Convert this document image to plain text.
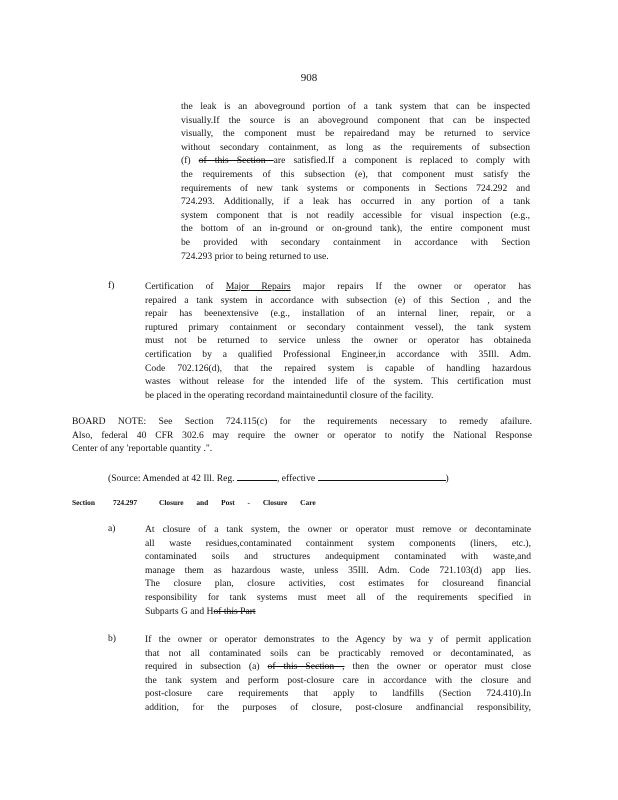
908
the leak is an aboveground portion of a tank system that can be inspected
visually.If the source is an aboveground component that can be inspected
visually, the component must be repairedand may be returned to service
without secondary containment, as long as the requirements of subsection
(f) of this Section are satisfied.If a component is replaced to comply with
the requirements of this subsection (e), that component must satisfy the
requirements of new tank systems or components in Sections 724.292 and
724.293. Additionally, if a leak has occurred in any portion of a tank
system component that is not readily accessible for visual inspection (e.g.,
the bottom of an in-ground or on-ground tank), the entire component must
be provided with secondary containment in accordance with Section
724.293 prior to being returned to use.
f)	Certification of Major Repairs major repairs If the owner or operator has
repaired a tank system in accordance with subsection (e) of this Section , and the
repair has beenextensive (e.g., installation of an internal liner, repair, or a
ruptured primary containment or secondary containment vessel), the tank system
must not be returned to service unless the owner or operator has obtaineda
certification by a qualified Professional Engineer,in accordance with 35Ill. Adm.
Code 702.126(d), that the repaired system is capable of handling hazardous
wastes without release for the intended life of the system. This certification must
be placed in the operating recordand maintaineduntil closure of the facility.
BOARD NOTE: See Section 724.115(c) for the requirements necessary to remedy afailure.
Also, federal 40 CFR 302.6 may require the owner or operator to notify the National Response
Center of any 'reportable quantity .".
(Source: Amended at 42 Ill. Reg.	, effective	)
Section 724.297	Closure and Post - Closure Care
a)	At closure of a tank system, the owner or operator must remove or decontaminate
all waste residues,contaminated containment system components (liners, etc.),
contaminated soils and structures andequipment contaminated with waste,and
manage them as hazardous waste, unless 35Ill. Adm. Code 721.103(d) app lies.
The closure plan, closure activities, cost estimates for closureand financial
responsibility for tank systems must meet all of the requirements specified in
Subparts G and Hof this Part
b)	If the owner or operator demonstrates to the Agency by wa y of permit application
that not all contaminated soils can be practicably removed or decontaminated, as
required in subsection (a) of this Section , then the owner or operator must close
the tank system and perform post-closure care in accordance with the closure and
post-closure care requirements that apply to landfills (Section 724.410).In
addition, for the purposes of closure, post-closure andfinancial responsibility,
